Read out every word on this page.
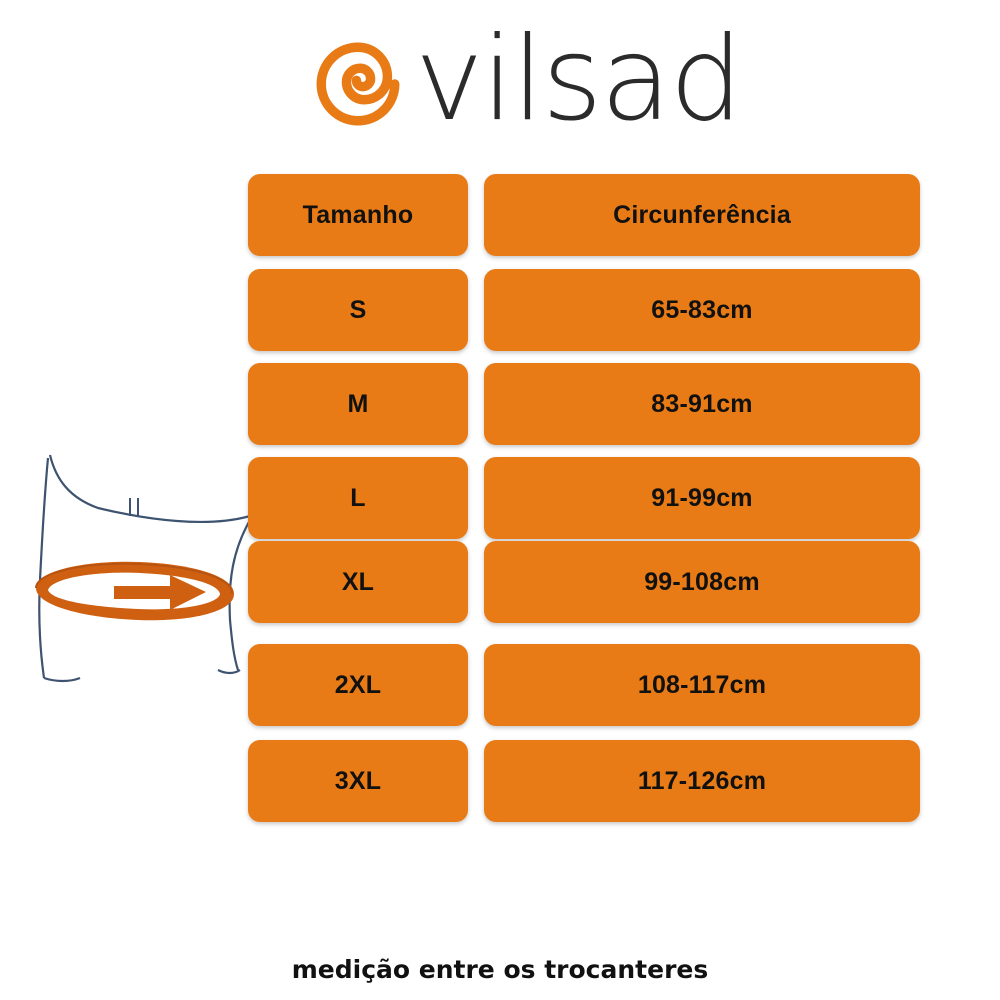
vilsad
Tamanho	Circunferência
S	65-83cm
M	83-91cm
L	91-99cm
XL	99-108cm
2XL	108-117cm
3XL	117-126cm
medição entre os trocanteres
